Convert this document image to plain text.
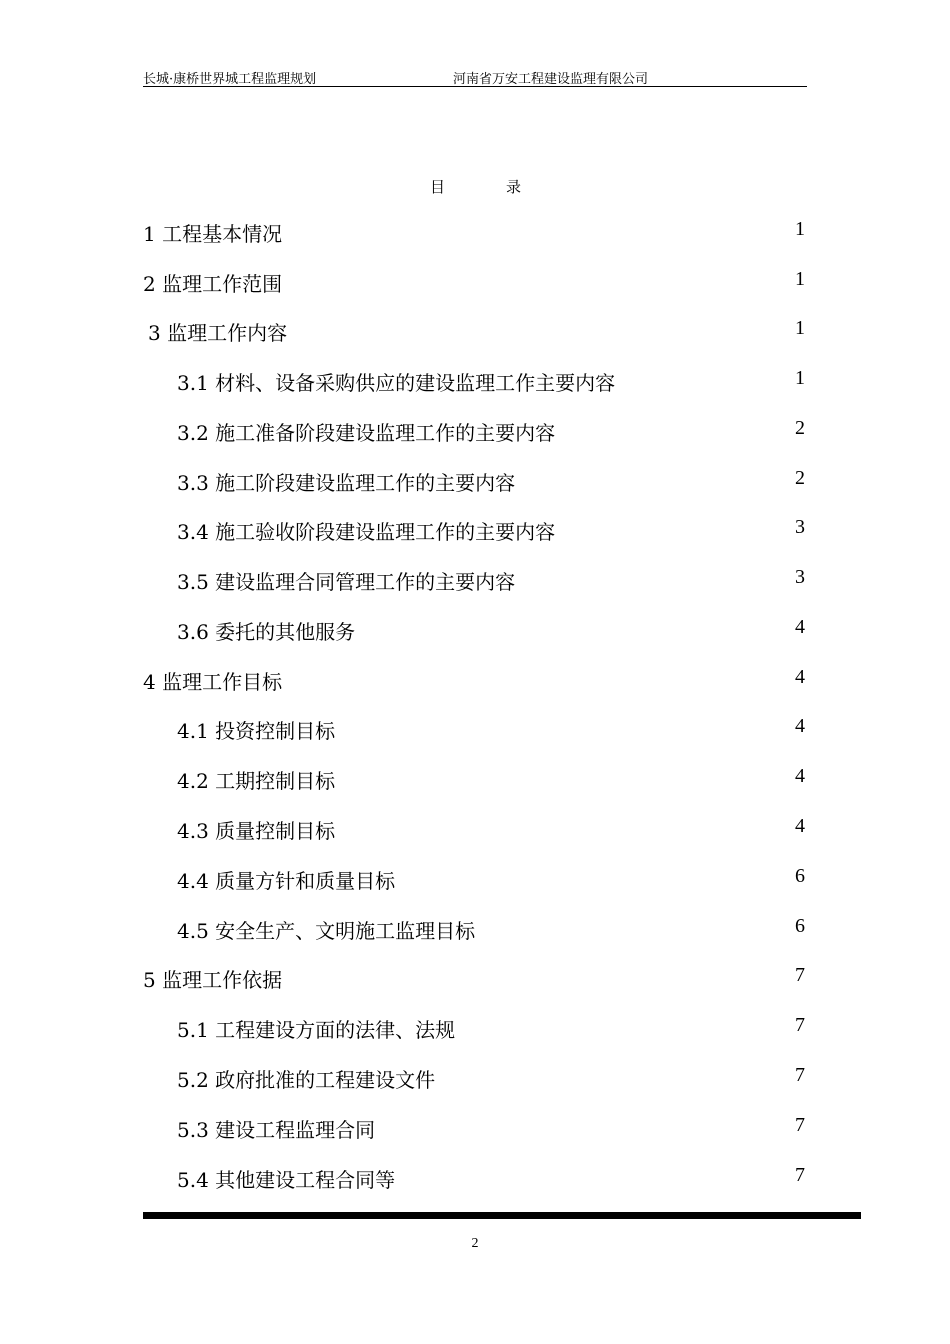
长城·康桥世界城工程监理规划	河南省万安工程建设监理有限公司
目	录
1 工程基本情况	1
2 监理工作范围	1
3 监理工作内容	1
3.1 材料、设备采购供应的建设监理工作主要内容	1
3.2 施工准备阶段建设监理工作的主要内容	2
3.3 施工阶段建设监理工作的主要内容	2
3.4 施工验收阶段建设监理工作的主要内容	3
3.5 建设监理合同管理工作的主要内容	3
3.6 委托的其他服务	4
4 监理工作目标	4
4.1 投资控制目标	4
4.2 工期控制目标	4
4.3 质量控制目标	4
4.4 质量方针和质量目标	6
4.5 安全生产、文明施工监理目标	6
5 监理工作依据	7
5.1 工程建设方面的法律、法规	7
5.2 政府批准的工程建设文件	7
5.3 建设工程监理合同	7
5.4 其他建设工程合同等	7
2
